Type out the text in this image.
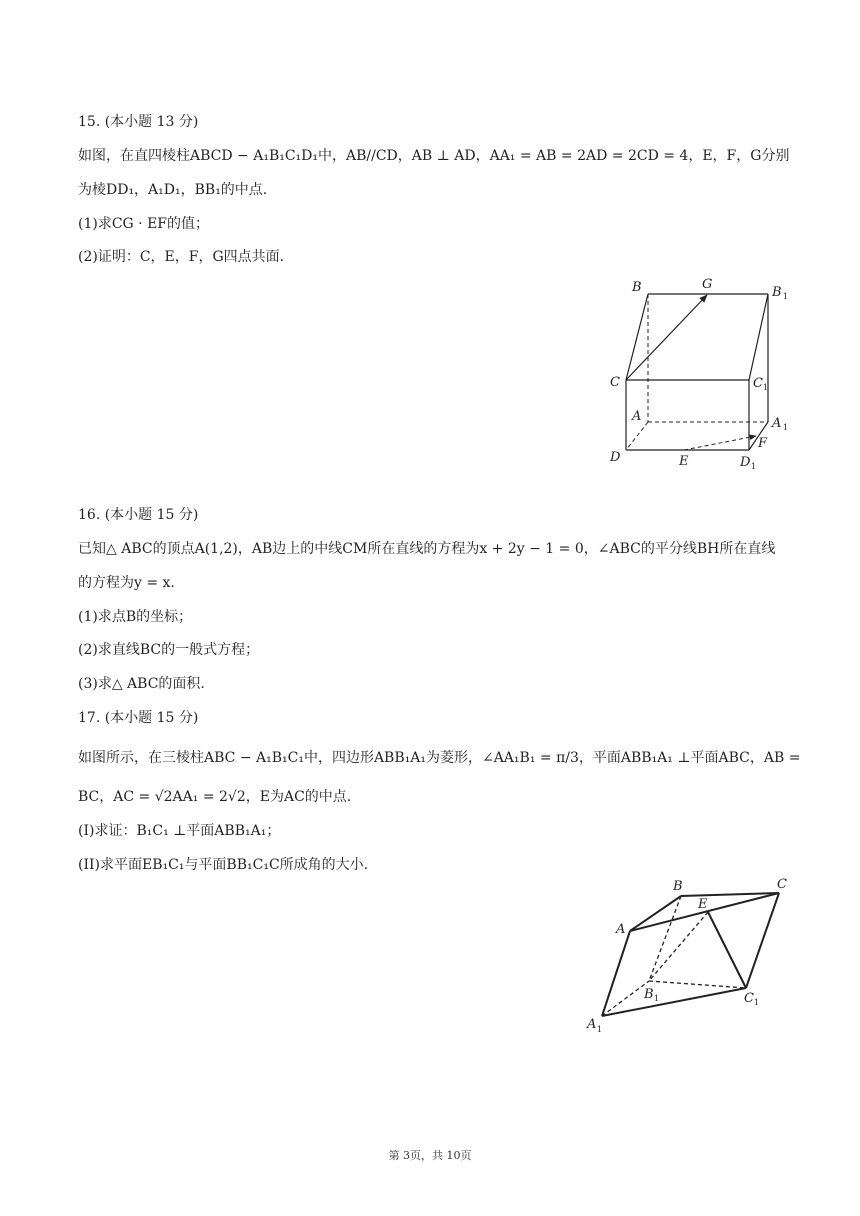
15. (本小题 13 分)
如图，在直四棱柱ABCD − A₁B₁C₁D₁中，AB//CD，AB ⊥ AD，AA₁ = AB = 2AD = 2CD = 4，E，F，G分别
为棱DD₁，A₁D₁，BB₁的中点.
(1)求CG · EF的值；
(2)证明：C，E，F，G四点共面.
B	G
B 1
C	C 1
A	A 1
F
D	E	D 1
16. (本小题 15 分)
已知△ ABC的顶点A(1,2)，AB边上的中线CM所在直线的方程为x + 2y − 1 = 0，∠ABC的平分线BH所在直线
的方程为y = x.
(1)求点B的坐标；
(2)求直线BC的一般式方程；
(3)求△ ABC的面积.
17. (本小题 15 分)
如图所示，在三棱柱ABC − A₁B₁C₁中，四边形ABB₁A₁为菱形，∠AA₁B₁ = π/3，平面ABB₁A₁ ⊥平面ABC，AB =
BC，AC = √2AA₁ = 2√2，E为AC的中点.
(I)求证：B₁C₁ ⊥平面ABB₁A₁；
(II)求平面EB₁C₁与平面BB₁C₁C所成角的大小.
B	C
A
E
B 1	C 1
A 1
第 3页，共 10页
